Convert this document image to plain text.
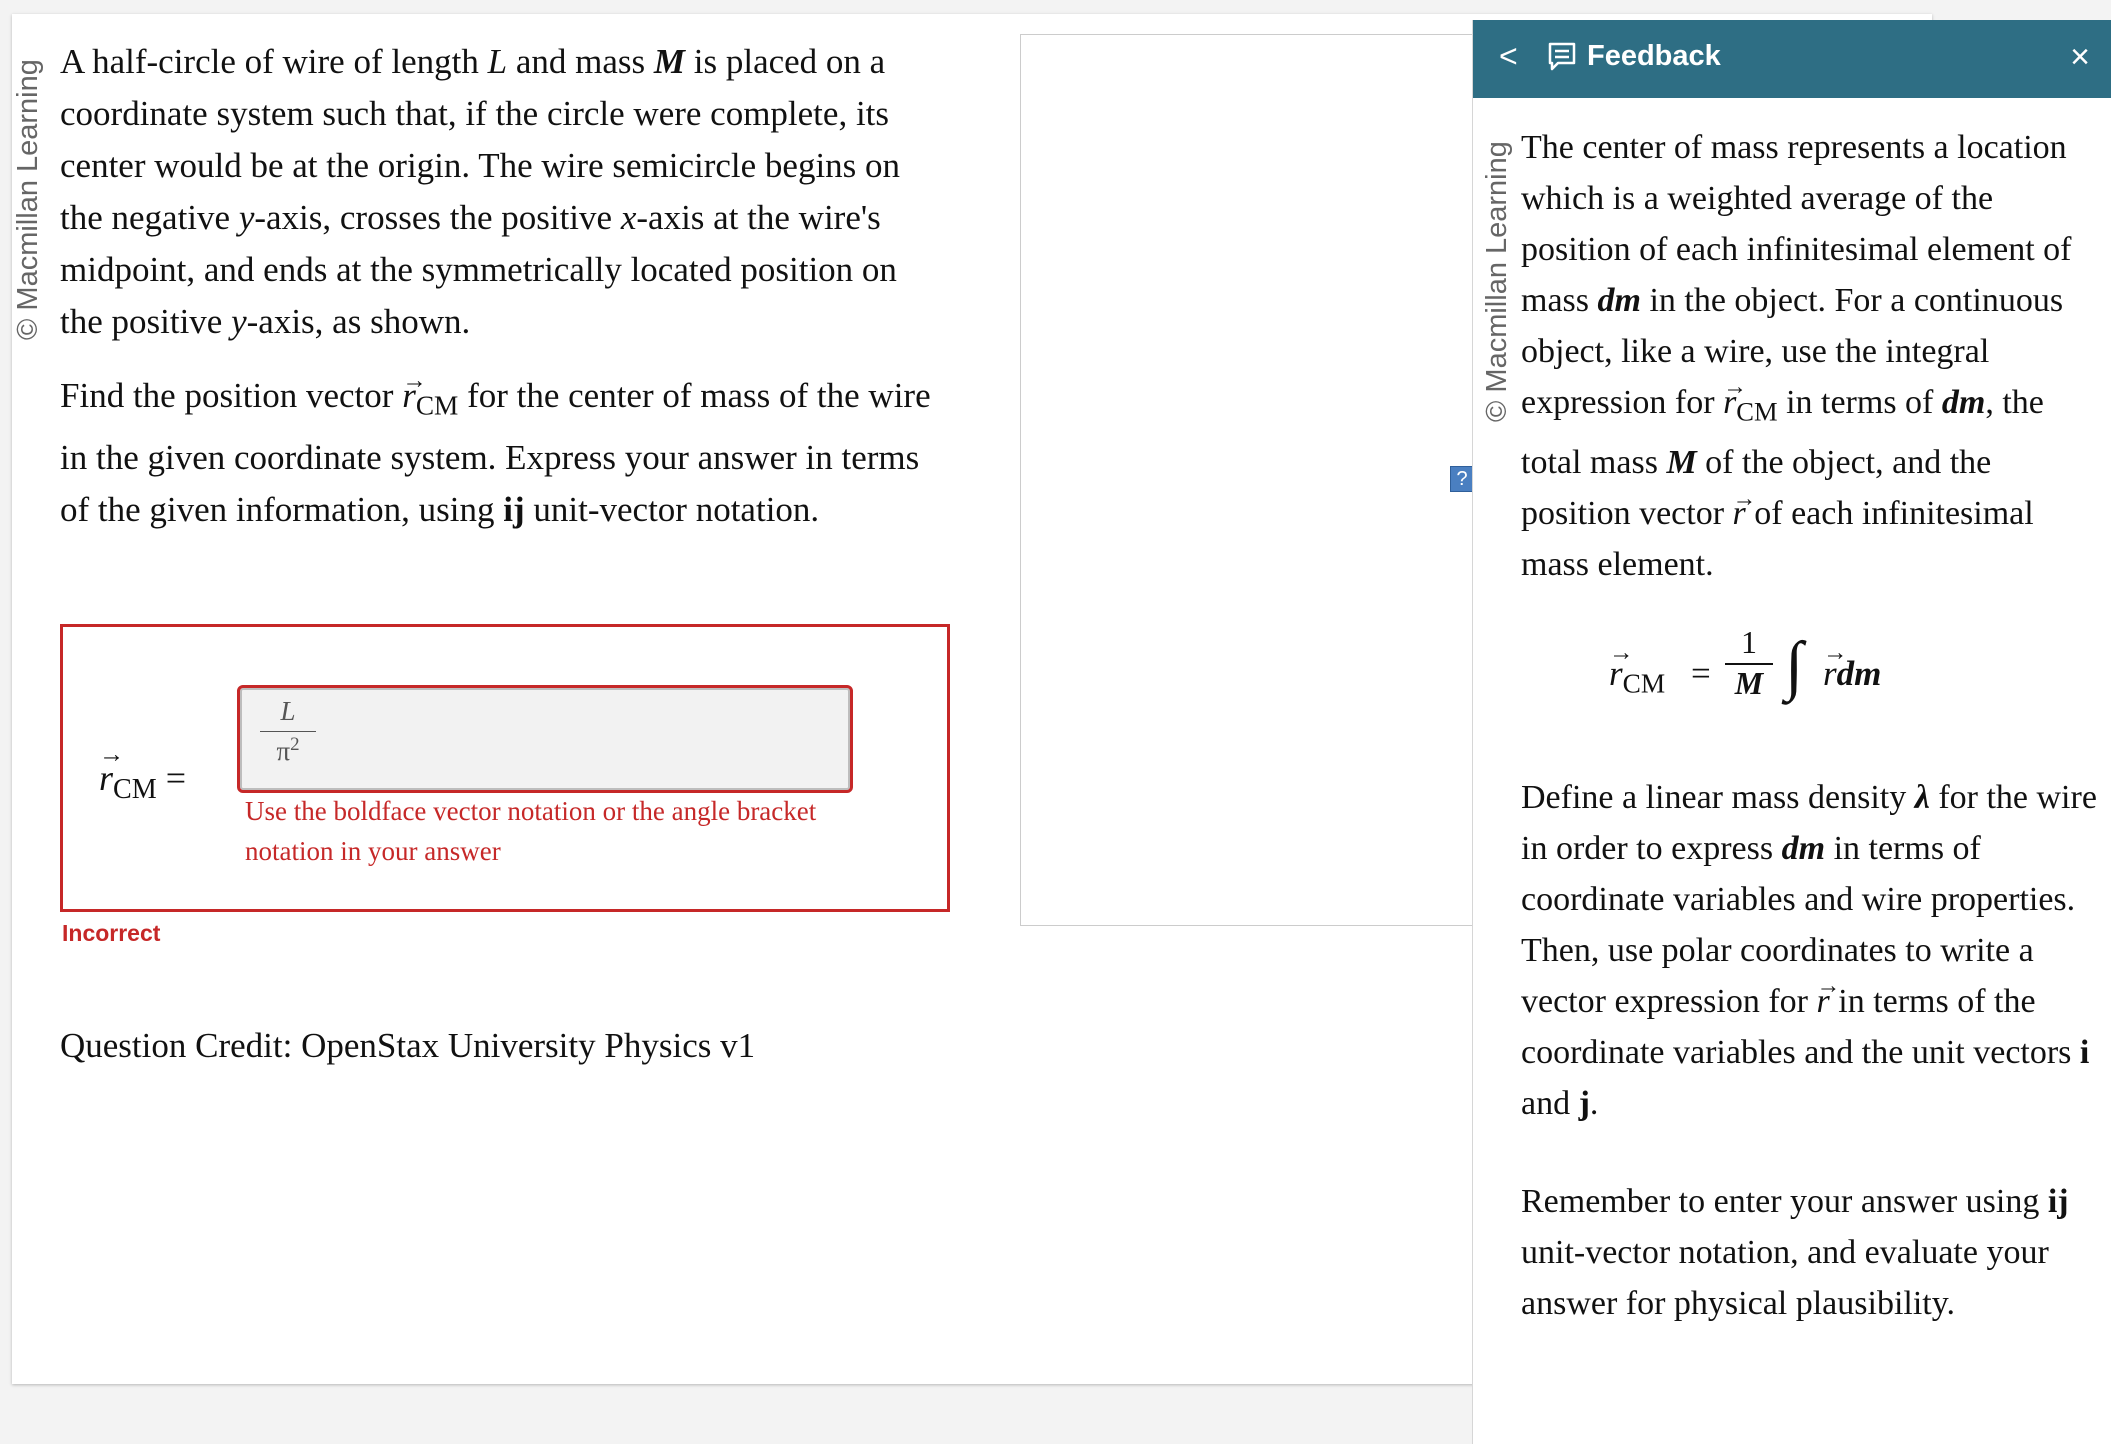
© Macmillan Learning A half-circle of wire of length L and mass M is placed on a coordinate system such that, if the circle were complete, its center would be at the origin. The wire semicircle begins on the negative y-axis, crosses the positive x-axis at the wire's midpoint, and ends at the symmetrically located position on the positive y-axis, as shown.

Find the position vector → $r_{CM}$ for the center of mass of the wire in the given coordinate system. Express your answer in terms of the given information, using ij unit-vector notation.

→ $r_{CM}$ =
$\frac{L}{\pi^2}$
Use the boldface vector notation or the angle bracket notation in your answer
Incorrect
Question Credit: OpenStax University Physics v1
?
< Feedback	×
© Macmillan Learning The center of mass represents a location which is a weighted average of the position of each infinitesimal element of mass dm in the object. For a continuous object, like a wire, use the integral expression for → $r_{CM}$ in terms of dm, the total mass M of the object, and the position vector → r of each infinitesimal mass element.

→ $r_{CM} = \frac{1}{M}$ ∫
→ rdm
Define a linear mass density λ for the wire in order to express dm in terms of coordinate variables and wire properties. Then, use polar coordinates to write a vector expression for → r in terms of the coordinate variables and the unit vectors i and j.
Remember to enter your answer using ij unit-vector notation, and evaluate your answer for physical plausibility.
